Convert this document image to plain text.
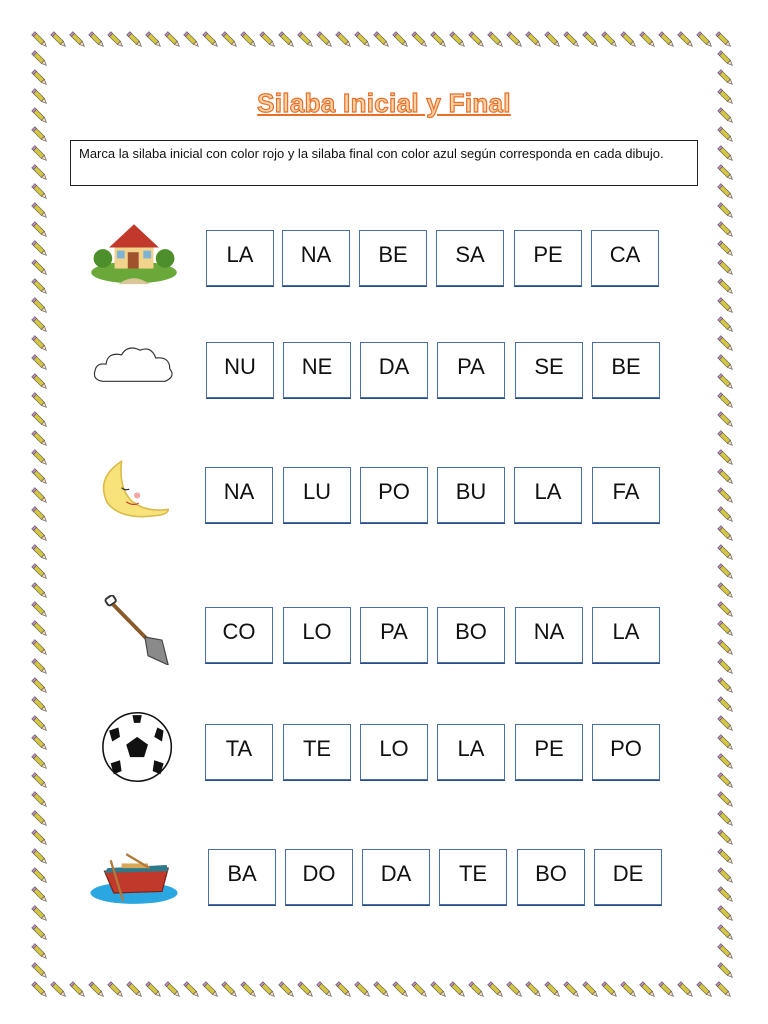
Silaba Inicial y Final
Marca la silaba inicial con color rojo y la silaba final con color azul según corresponda en cada dibujo.
LA	NA	BE	SA	PE	CA
NU	NE	DA	PA	SE	BE
NA	LU	PO	BU	LA	FA
CO	LO	PA	BO	NA	LA
TA	TE	LO	LA	PE	PO
BA	DO	DA	TE	BO	DE
